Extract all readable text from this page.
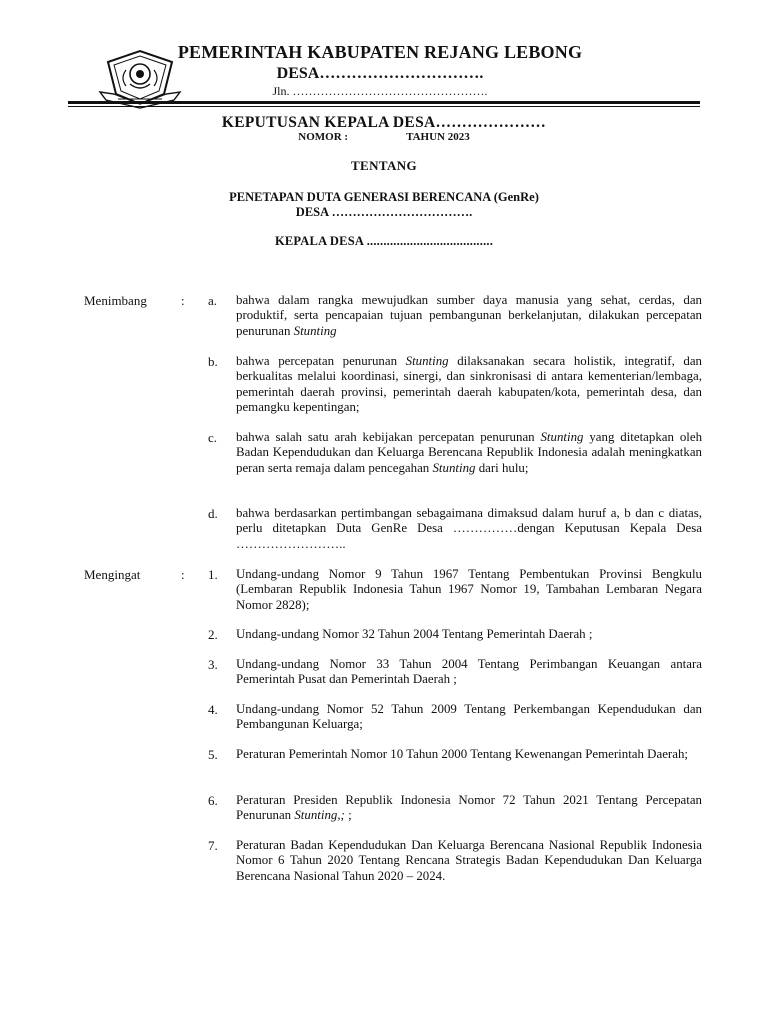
PEMERINTAH KABUPATEN REJANG LEBONG
DESA………………………….
Jln. ………………………………………….
KEPUTUSAN KEPALA DESA…………………
NOMOR :	TAHUN 2023
TENTANG
PENETAPAN DUTA GENERASI BERENCANA (GenRe)
DESA …………………………….
KEPALA DESA ......................................
Menimbang	: a. bahwa dalam rangka mewujudkan sumber daya manusia yang sehat, cerdas, dan produktif, serta pencapaian tujuan pembangunan berkelanjutan, dilakukan percepatan penurunan Stunting
b. bahwa percepatan penurunan Stunting dilaksanakan secara holistik, integratif, dan berkualitas melalui koordinasi, sinergi, dan sinkronisasi di antara kementerian/lembaga, pemerintah daerah provinsi, pemerintah daerah kabupaten/kota, pemerintah desa, dan pemangku kepentingan;
c. bahwa salah satu arah kebijakan percepatan penurunan Stunting yang ditetapkan oleh Badan Kependudukan dan Keluarga Berencana Republik Indonesia adalah meningkatkan peran serta remaja dalam pencegahan Stunting dari hulu;
d. bahwa berdasarkan pertimbangan sebagaimana dimaksud dalam huruf a, b dan c diatas, perlu ditetapkan Duta GenRe Desa ……………dengan Keputusan Kepala Desa ……………………..
Mengingat	: 1. Undang-undang Nomor 9 Tahun 1967 Tentang Pembentukan Provinsi Bengkulu (Lembaran Republik Indonesia Tahun 1967 Nomor 19, Tambahan Lembaran Negara Nomor 2828);
2. Undang-undang Nomor 32 Tahun 2004 Tentang Pemerintah Daerah ;
3. Undang-undang Nomor 33 Tahun 2004 Tentang Perimbangan Keuangan antara Pemerintah Pusat dan Pemerintah Daerah ;
4. Undang-undang Nomor 52 Tahun 2009 Tentang Perkembangan Kependudukan dan Pembangunan Keluarga;
5. Peraturan Pemerintah Nomor 10 Tahun 2000 Tentang Kewenangan Pemerintah Daerah;
6. Peraturan Presiden Republik Indonesia Nomor 72 Tahun 2021 Tentang Percepatan Penurunan Stunting,; ;
7. Peraturan Badan Kependudukan Dan Keluarga Berencana Nasional Republik Indonesia Nomor 6 Tahun 2020 Tentang Rencana Strategis Badan Kependudukan Dan Keluarga Berencana Nasional Tahun 2020 – 2024.
